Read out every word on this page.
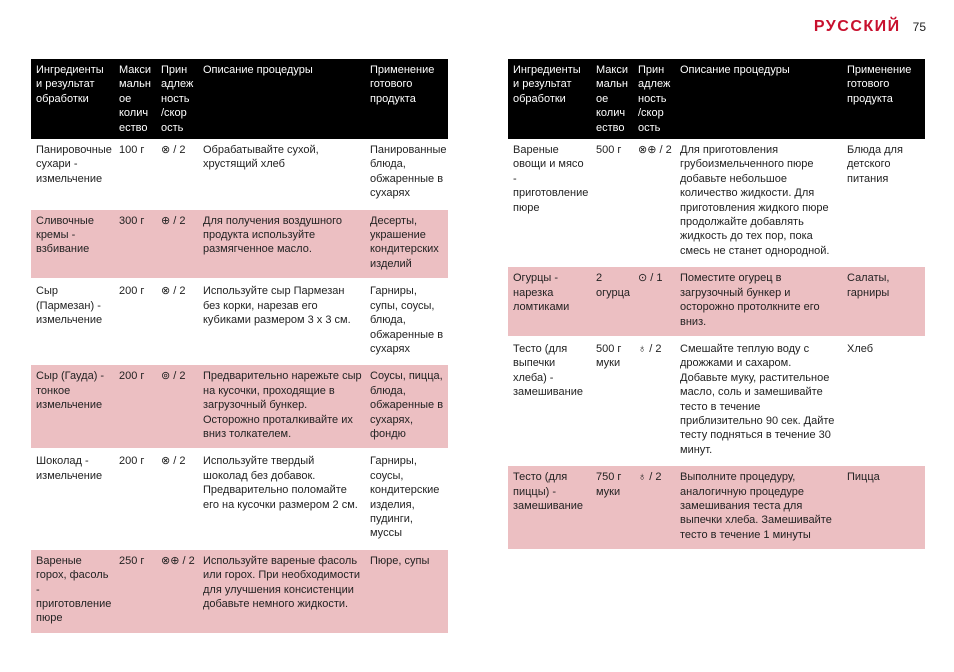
РУССКИЙ 75
Ингредиенты и результат обработки	Макси мальн ое колич ество	Прин адлеж ность /скор ость	Описание процедуры	Применение готового продукта
Панировочные сухари - измельчение	100 г	⊗ / 2	Обрабатывайте сухой, хрустящий хлеб	Панированные блюда, обжаренные в сухарях
Сливочные кремы - взбивание	300 г	⊕ / 2	Для получения воздушного продукта используйте размягченное масло.	Десерты, украшение кондитерских изделий
Сыр (Пармезан) - измельчение	200 г	⊗ / 2	Используйте сыр Пармезан без корки, нарезав его кубиками размером 3 x 3 см.	Гарниры, супы, соусы, блюда, обжаренные в сухарях
Сыр (Гауда) - тонкое измельчение	200 г	⊚ / 2	Предварительно нарежьте сыр на кусочки, проходящие в загрузочный бункер. Осторожно проталкивайте их вниз толкателем.	Соусы, пицца, блюда, обжаренные в сухарях, фондю
Шоколад - измельчение	200 г	⊗ / 2	Используйте твердый шоколад без добавок. Предварительно поломайте его на кусочки размером 2 см.	Гарниры, соусы, кондитерские изделия, пудинги, муссы
Вареные горох, фасоль - приготовление пюре	250 г	⊗⊕ / 2	Используйте вареные фасоль или горох. При необходимости для улучшения консистенции добавьте немного жидкости.	Пюре, супы
Ингредиенты и результат обработки	Макси мальн ое колич ество	Прин адлеж ность /скор ость	Описание процедуры	Применение готового продукта
Вареные овощи и мясо - приготовление пюре	500 г	⊗⊕ / 2	Для приготовления грубоизмельченного пюре добавьте небольшое количество жидкости. Для приготовления жидкого пюре продолжайте добавлять жидкость до тех пор, пока смесь не станет однородной.	Блюда для детского питания
Огурцы - нарезка ломтиками	2 огурца	⊙ / 1	Поместите огурец в загрузочный бункер и осторожно протолкните его вниз.	Салаты, гарниры
Тесто (для выпечки хлеба) - замешивание	500 г муки	♁ / 2	Смешайте теплую воду с дрожжами и сахаром. Добавьте муку, растительное масло, соль и замешивайте тесто в течение приблизительно 90 сек. Дайте тесту подняться в течение 30 минут.	Хлеб
Тесто (для пиццы) - замешивание	750 г муки	♁ / 2	Выполните процедуру, аналогичную процедуре замешивания теста для выпечки хлеба. Замешивайте тесто в течение 1 минуты	Пицца
